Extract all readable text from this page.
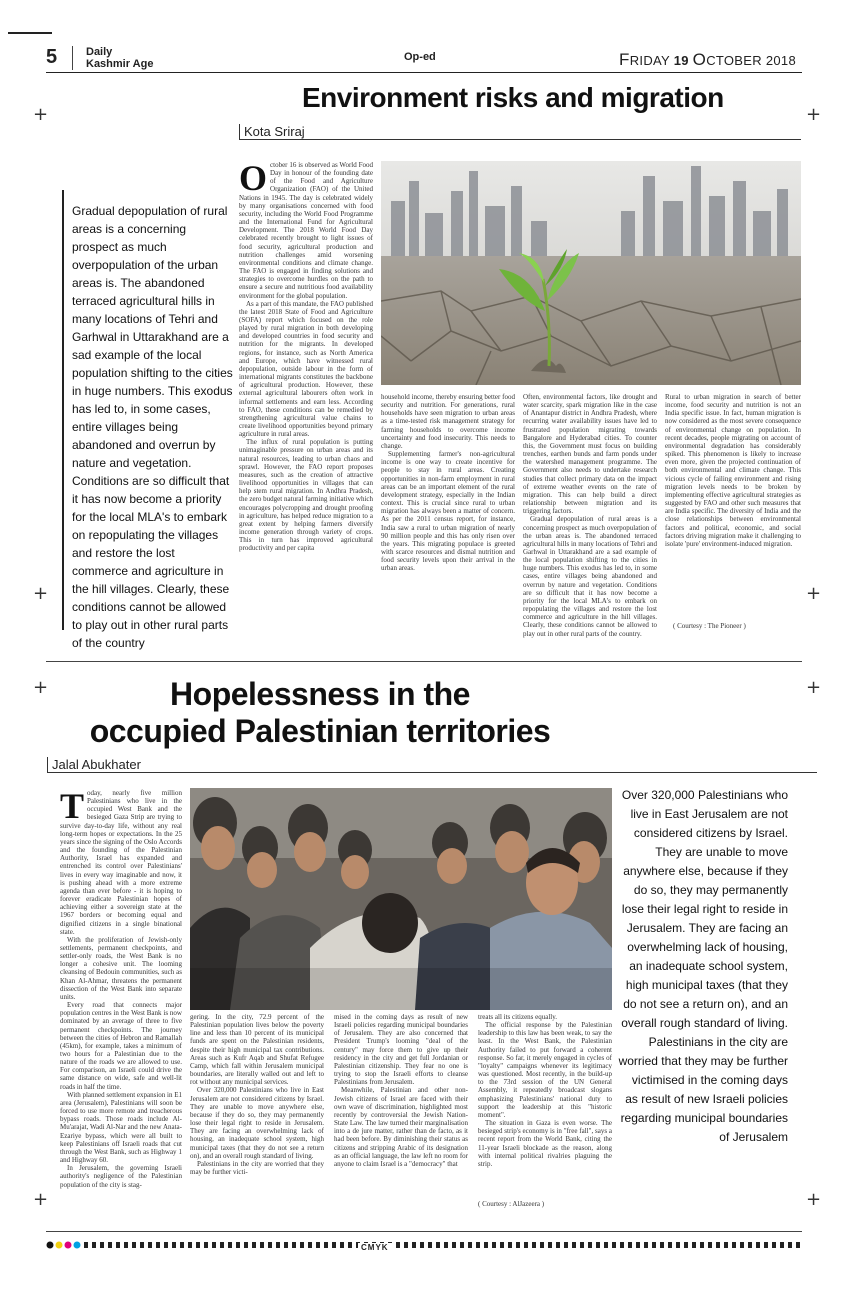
+	+
+	+
+	+
+	+
5	Daily
Kashmir Age
Op-ed	FRIDAY 19 OCTOBER 2018
Environment risks and migration
Kota Sriraj
Gradual depopulation of rural areas is a concerning prospect as much overpopulation of the urban areas is. The abandoned terraced agricultural hills in many locations of Tehri and Garhwal in Uttarakhand are a sad example of the local population shifting to the cities in huge numbers. This exodus has led to, in some cases, entire villages being abandoned and overrun by nature and vegetation. Conditions are so difficult that it has now become a priority for the local MLA's to embark on repopulating the villages and restore the lost commerce and agriculture in the hill villages. Clearly, these conditions cannot be allowed to play out in other rural parts of the country

October 16 is observed as World Food Day in honour of the founding date of the Food and Agriculture Organization (FAO) of the United Nations in 1945. The day is celebrated widely by many organisations concerned with food security, including the World Food Programme and the International Fund for Agricultural Development. The 2018 World Food Day celebrated recently brought to light issues of food security, agricultural production and nutrition challenges amid worsening environmental conditions and climate change. The FAO is engaged in finding solutions and strategies to overcome hurdles on the path to ensure a secure and nutritious food availability environment for the global population.

As a part of this mandate, the FAO published the latest 2018 State of Food and Agriculture (SOFA) report which focused on the role played by rural migration in both developing and developed countries in food security and nutrition for the migrants. In developed regions, for instance, such as North America and Europe, which have witnessed rural depopulation, outside labour in the form of international migrants constitutes the backbone of agricultural production. However, these external agricultural labourers often work in informal settlements and earn less. According to FAO, these conditions can be remedied by strengthening agricultural value chains to create livelihood opportunities beyond primary agriculture in rural areas.

The influx of rural population is putting unimaginable pressure on urban areas and its natural resources, leading to urban chaos and sprawl. However, the FAO report proposes measures, such as the creation of attractive livelihood opportunities in villages that can help stem rural migration. In Andhra Pradesh, the zero budget natural farming initiative which encourages polycropping and drought proofing in agriculture, has helped reduce migration to a great extent by helping farmers diversify income generation through variety of crops. This in turn has improved agricultural productivity and per capita

household income, thereby ensuring better food security and nutrition. For generations, rural households have seen migration to urban areas as a time-tested risk management strategy for farming households to overcome income uncertainty and food insecurity. This needs to change.

Supplementing farmer's non-agricultural income is one way to create incentive for people to stay in rural areas. Creating opportunities in non-farm employment in rural areas can be an important element of the rural development strategy, especially in the Indian context. This is crucial since rural to urban migration has always been a matter of concern. As per the 2011 census report, for instance, India saw a rural to urban migration of nearly 90 million people and this has only risen over the years. This migrating populace is greeted with scarce resources and dismal nutrition and food security levels upon their arrival in the urban areas.

Often, environmental factors, like drought and water scarcity, spark migration like in the case of Anantapur district in Andhra Pradesh, where recurring water availability issues have led to frustrated population migrating towards Bangalore and Hyderabad cities. To counter this, the Government must focus on building trenches, earthen bunds and farm ponds under the watershed management programme. The Government also needs to undertake research studies that collect primary data on the impact of extreme weather events on the rate of migration. This can help build a direct relationship between migration and its triggering factors.

Gradual depopulation of rural areas is a concerning prospect as much overpopulation of the urban areas is. The abandoned terraced agricultural hills in many locations of Tehri and Garhwal in Uttarakhand are a sad example of the local population shifting to the cities in huge numbers. This exodus has led to, in some cases, entire villages being abandoned and overrun by nature and vegetation. Conditions are so difficult that it has now become a priority for the local MLA's to embark on repopulating the villages and restore the lost commerce and agriculture in the hill villages. Clearly, these conditions cannot be allowed to play out in other rural parts of the country.

Rural to urban migration in search of better income, food security and nutrition is not an India specific issue. In fact, human migration is now considered as the most severe consequence of environmental change on population. In recent decades, people migrating on account of environmental degradation has considerably spiked. This phenomenon is likely to increase even more, given the projected continuation of both environmental and climate change. This vicious cycle of failing environment and rising migration levels needs to be broken by implementing effective agricultural strategies as suggested by FAO and other such measures that are India specific. The diversity of India and the close relationships between environmental factors and political, economic, and social factors driving migration make it challenging to isolate 'pure' environment-induced migration.

( Courtesy : The Pioneer )
Hopelessness in the
occupied Palestinian territories
Jalal Abukhater

Today, nearly five million Palestinians who live in the occupied West Bank and the besieged Gaza Strip are trying to survive day-to-day life, without any real long-term hopes or expectations. In the 25 years since the signing of the Oslo Accords and the founding of the Palestinian Authority, Israel has expanded and entrenched its control over Palestinians' lives in every way imaginable and now, it is pushing ahead with a more extreme agenda than ever before - it is hoping to forever eradicate Palestinian hopes of achieving either a sovereign state at the 1967 borders or becoming equal and dignified citizens in a single binational state.

With the proliferation of Jewish-only settlements, permanent checkpoints, and settler-only roads, the West Bank is no longer a cohesive unit. The looming cleansing of Bedouin communities, such as Khan Al-Ahmar, threatens the permanent dissection of the West Bank into separate units.

Every road that connects major population centres in the West Bank is now dominated by an average of three to five permanent checkpoints. The journey between the cities of Hebron and Ramallah (45km), for example, takes a minimum of two hours for a Palestinian due to the nature of the roads we are allowed to use. For comparison, an Israeli could drive the same distance on wide, safe and well-lit roads in half the time.

With planned settlement expansion in E1 area (Jerusalem), Palestinians will soon be forced to use more remote and treacherous bypass roads. Those roads include Al-Mu'arajat, Wadi Al-Nar and the new Anata-Ezariye bypass, which were all built to keep Palestinians off Israeli roads that cut through the West Bank, such as Highway 1 and Highway 60.

In Jerusalem, the governing Israeli authority's negligence of the Palestinian population of the city is stag-

gering. In the city, 72.9 percent of the Palestinian population lives below the poverty line and less than 10 percent of its municipal funds are spent on the Palestinian residents, despite their high municipal tax contributions. Areas such as Kufr Aqab and Shufat Refugee Camp, which fall within Jerusalem municipal boundaries, are literally walled out and left to rot without any municipal services.

Over 320,000 Palestinians who live in East Jerusalem are not considered citizens by Israel. They are unable to move anywhere else, because if they do so, they may permanently lose their legal right to reside in Jerusalem. They are facing an overwhelming lack of housing, an inadequate school system, high municipal taxes (that they do not see a return on), and an overall rough standard of living.

Palestinians in the city are worried that they may be further victi-

mised in the coming days as result of new Israeli policies regarding municipal boundaries of Jerusalem. They are also concerned that President Trump's looming "deal of the century" may force them to give up their residency in the city and get full Jordanian or Palestinian citizenship. They fear no one is trying to stop the Israeli efforts to cleanse Palestinians from Jerusalem.

Meanwhile, Palestinian and other non-Jewish citizens of Israel are faced with their own wave of discrimination, highlighted most recently by controversial the Jewish Nation-State Law. The law turned their marginalisation into a de jure matter, rather than de facto, as it had been before. By diminishing their status as citizens and stripping Arabic of its designation as an official language, the law left no room for anyone to claim Israel is a "democracy" that

treats all its citizens equally.

The official response by the Palestinian leadership to this law has been weak, to say the least. In the West Bank, the Palestinian Authority failed to put forward a coherent response. So far, it merely engaged in cycles of "loyalty" campaigns whenever its legitimacy was questioned. Most recently, in the build-up to the 73rd session of the UN General Assembly, it repeatedly broadcast slogans emphasizing Palestinians' national duty to support the leadership at this "historic moment".

The situation in Gaza is even worse. The besieged strip's economy is in "free fall", says a recent report from the World Bank, citing the 11-year Israeli blockade as the reason, along with internal political rivalries plaguing the strip.

( Courtesy : AlJazeera )
Over 320,000 Palestinians who live in East Jerusalem are not considered citizens by Israel. They are unable to move anywhere else, because if they do so, they may permanently lose their legal right to reside in Jerusalem. They are facing an overwhelming lack of housing, an inadequate school system, high municipal taxes (that they do not see a return on), and an overall rough standard of living. Palestinians in the city are worried that they may be further victimised in the coming days as result of new Israeli policies regarding municipal boundaries of Jerusalem
CMYK
